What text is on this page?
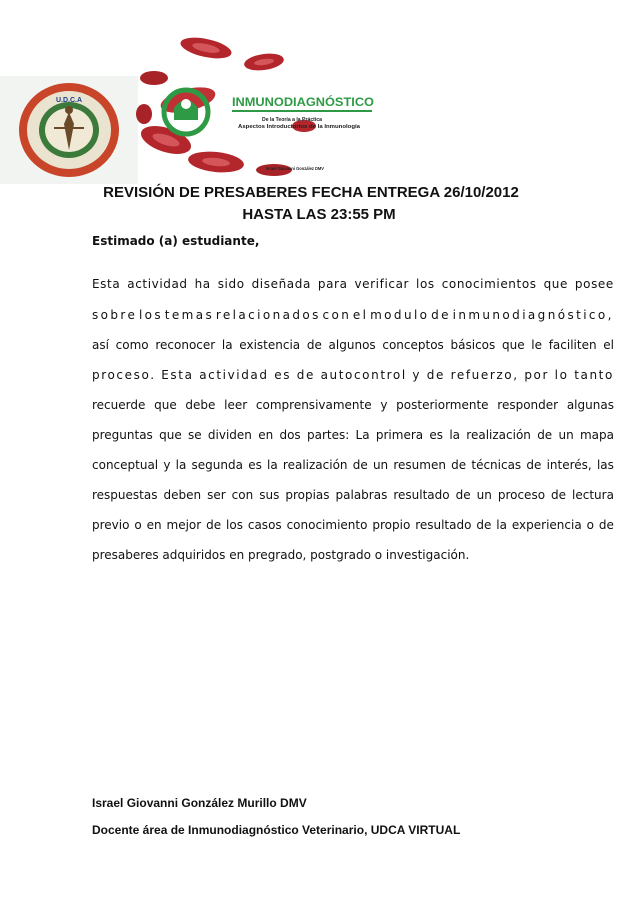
U.D.C.A	INMUNODIAGNÓSTICO
De la Teoría a la Práctica
Aspectos Introductorios de la Inmunología
Israel Giovanni González DMV
REVISIÓN DE PRESABERES FECHA ENTREGA 26/10/2012
HASTA LAS 23:55 PM
Estimado (a) estudiante,
Esta actividad ha sido diseñada para verificar los conocimientos que posee
sobre los temas relacionados con el modulo de inmunodiagnóstico,
así como reconocer la existencia de algunos conceptos básicos que le faciliten el
proceso. Esta actividad es de autocontrol y de refuerzo, por lo tanto
recuerde que debe leer comprensivamente y posteriormente responder algunas
preguntas que se dividen en dos partes: La primera es la realización de un mapa
conceptual y la segunda es la realización de un resumen de técnicas de interés, las
respuestas deben ser con sus propias palabras resultado de un proceso de lectura
previo o en mejor de los casos conocimiento propio resultado de la experiencia o de
presaberes adquiridos en pregrado, postgrado o investigación.
Israel Giovanni González Murillo DMV
Docente área de Inmunodiagnóstico Veterinario, UDCA VIRTUAL
